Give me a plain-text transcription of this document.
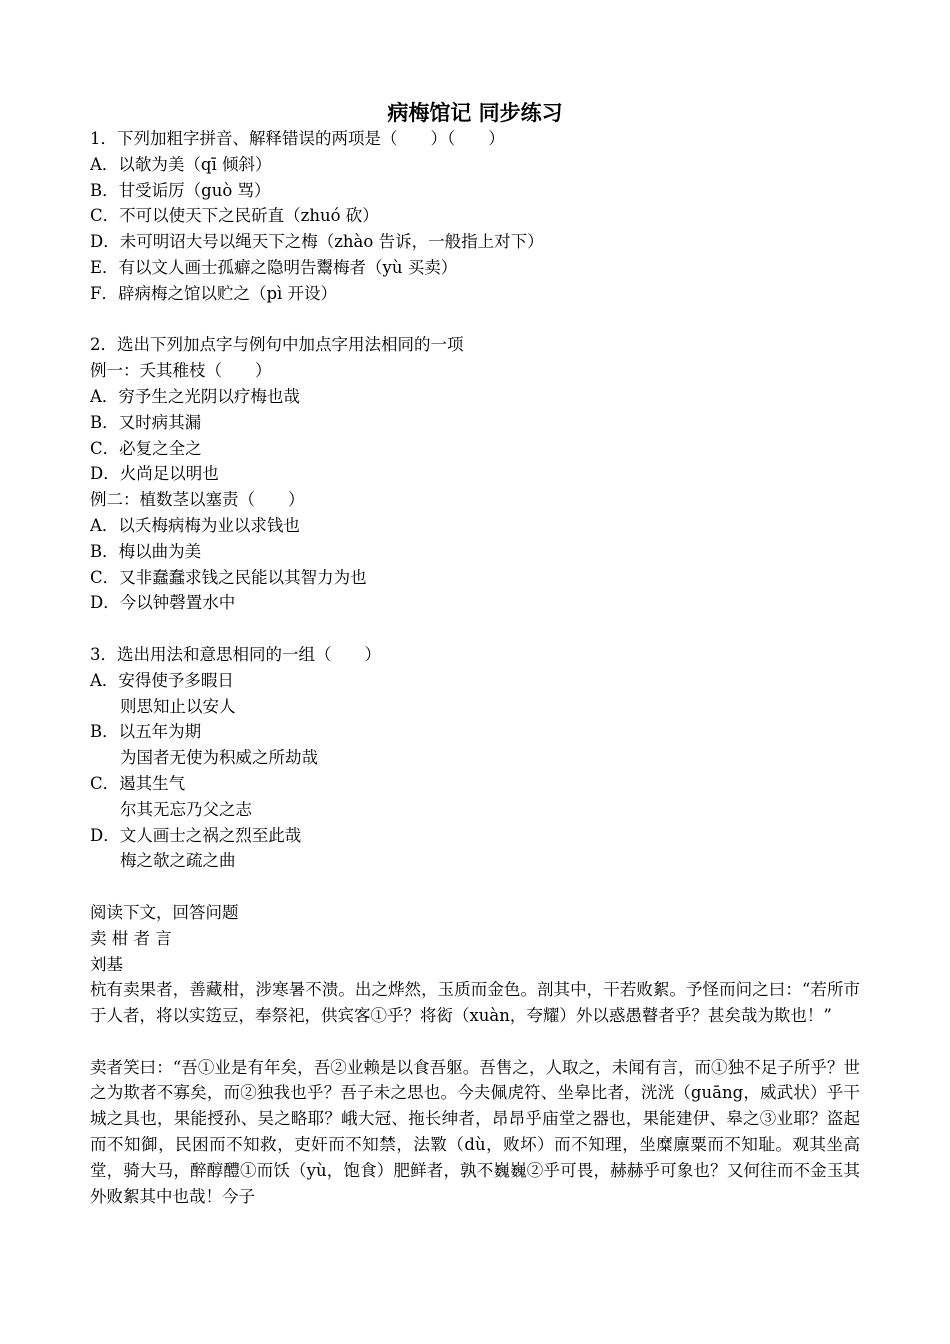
病梅馆记 同步练习
1．下列加粗字拼音、解释错误的两项是（　　）（　　）
A．以欹为美（qī 倾斜）
B．甘受诟厉（guò 骂）
C．不可以使天下之民斫直（zhuó 砍）
D．未可明诏大号以绳天下之梅（zhào 告诉，一般指上对下）
E．有以文人画士孤癖之隐明告鬻梅者（yù 买卖）
F．辟病梅之馆以贮之（pì 开设）
2．选出下列加点字与例句中加点字用法相同的一项
例一：夭其稚枝（　　）
A．穷予生之光阴以疗梅也哉
B．又时病其漏
C．必复之全之
D．火尚足以明也
例二：植数茎以塞责（　　）
A．以夭梅病梅为业以求钱也
B．梅以曲为美
C．又非蠢蠢求钱之民能以其智力为也
D．今以钟磬置水中
3．选出用法和意思相同的一组（　　）
A．安得使予多暇日
则思知止以安人
B．以五年为期
为国者无使为积威之所劫哉
C．遏其生气
尔其无忘乃父之志
D．文人画士之祸之烈至此哉
梅之欹之疏之曲
阅读下文，回答问题
卖 柑 者 言
刘基
杭有卖果者，善藏柑，涉寒暑不溃。出之烨然，玉质而金色。剖其中，干若败絮。予怪而问之曰：“若所市于人者，将以实笾豆，奉祭祀，供宾客①乎？将衒（xuàn，夸耀）外以惑愚瞽者乎？甚矣哉为欺也！”
卖者笑曰：“吾①业是有年矣，吾②业赖是以食吾躯。吾售之，人取之，未闻有言，而①独不足子所乎？世之为欺者不寡矣，而②独我也乎？吾子未之思也。今夫佩虎符、坐皋比者，洸洸（guāng，威武状）乎干城之具也，果能授孙、吴之略耶？峨大冠、拖长绅者，昂昂乎庙堂之器也，果能建伊、皋之③业耶？盗起而不知御，民困而不知救，吏奸而不知禁，法斁（dù，败坏）而不知理，坐糜廪粟而不知耻。观其坐高堂，骑大马，醉醇醴①而饫（yù，饱食）肥鲜者，孰不巍巍②乎可畏，赫赫乎可象也？又何往而不金玉其外败絮其中也哉！今子
